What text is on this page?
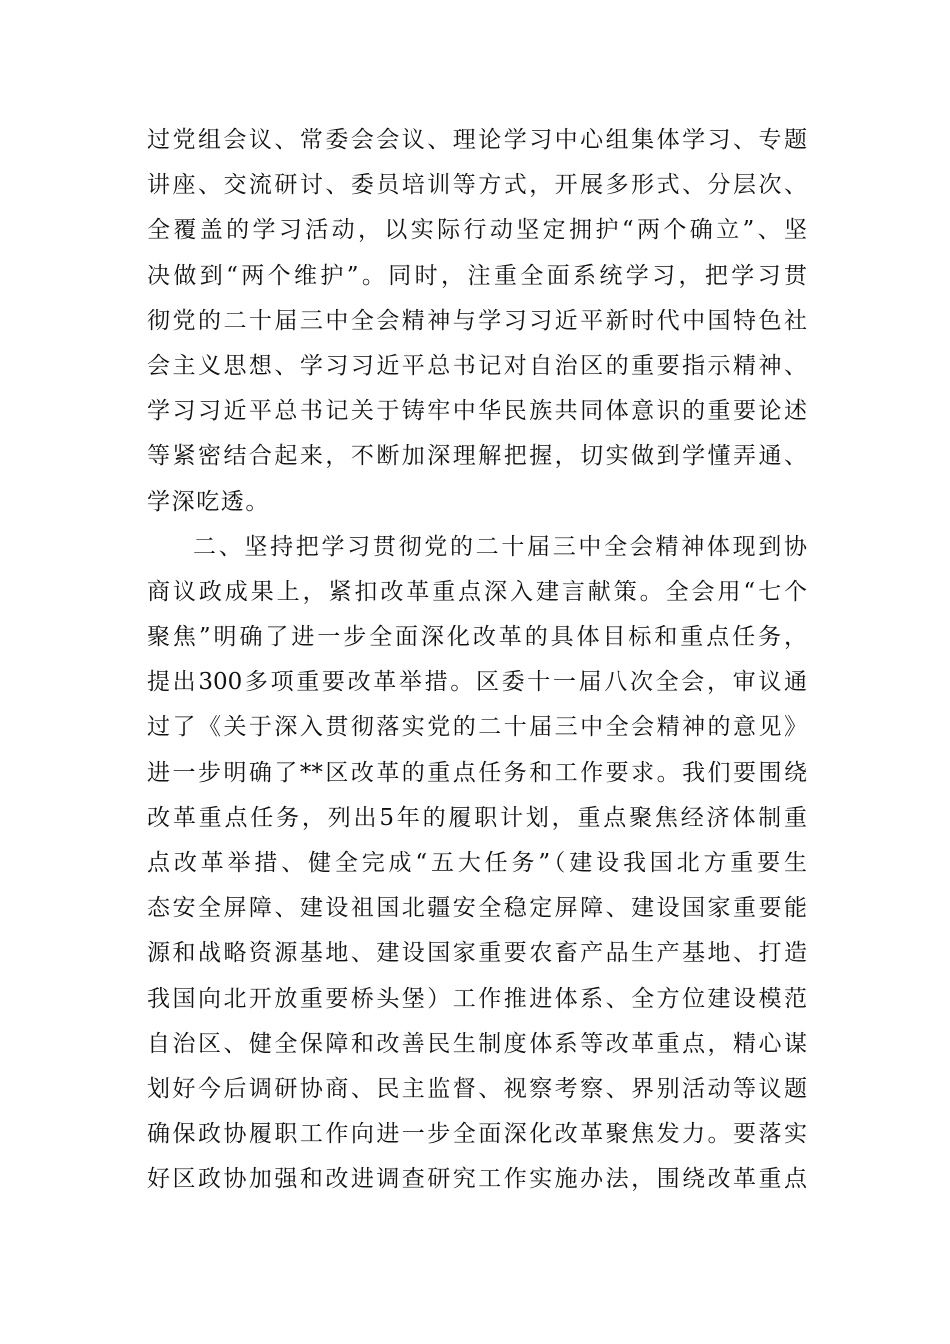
过党组会议、常委会会议、理论学习中心组集体学习、专题
讲座、交流研讨、委员培训等方式，开展多形式、分层次、
全覆盖的学习活动，以实际行动坚定拥护“两个确立”、坚
决做到“两个维护”。同时，注重全面系统学习，把学习贯
彻党的二十届三中全会精神与学习习近平新时代中国特色社
会主义思想、学习习近平总书记对自治区的重要指示精神、
学习习近平总书记关于铸牢中华民族共同体意识的重要论述
等紧密结合起来，不断加深理解把握，切实做到学懂弄通、
学深吃透。
二、坚持把学习贯彻党的二十届三中全会精神体现到协
商议政成果上，紧扣改革重点深入建言献策。全会用“七个
聚焦”明确了进一步全面深化改革的具体目标和重点任务，
提出300多项重要改革举措。区委十一届八次全会，审议通
过了《关于深入贯彻落实党的二十届三中全会精神的意见》
进一步明确了**区改革的重点任务和工作要求。我们要围绕
改革重点任务，列出5年的履职计划，重点聚焦经济体制重
点改革举措、健全完成“五大任务”（建设我国北方重要生
态安全屏障、建设祖国北疆安全稳定屏障、建设国家重要能
源和战略资源基地、建设国家重要农畜产品生产基地、打造
我国向北开放重要桥头堡）工作推进体系、全方位建设模范
自治区、健全保障和改善民生制度体系等改革重点，精心谋
划好今后调研协商、民主监督、视察考察、界别活动等议题
确保政协履职工作向进一步全面深化改革聚焦发力。要落实
好区政协加强和改进调查研究工作实施办法，围绕改革重点
